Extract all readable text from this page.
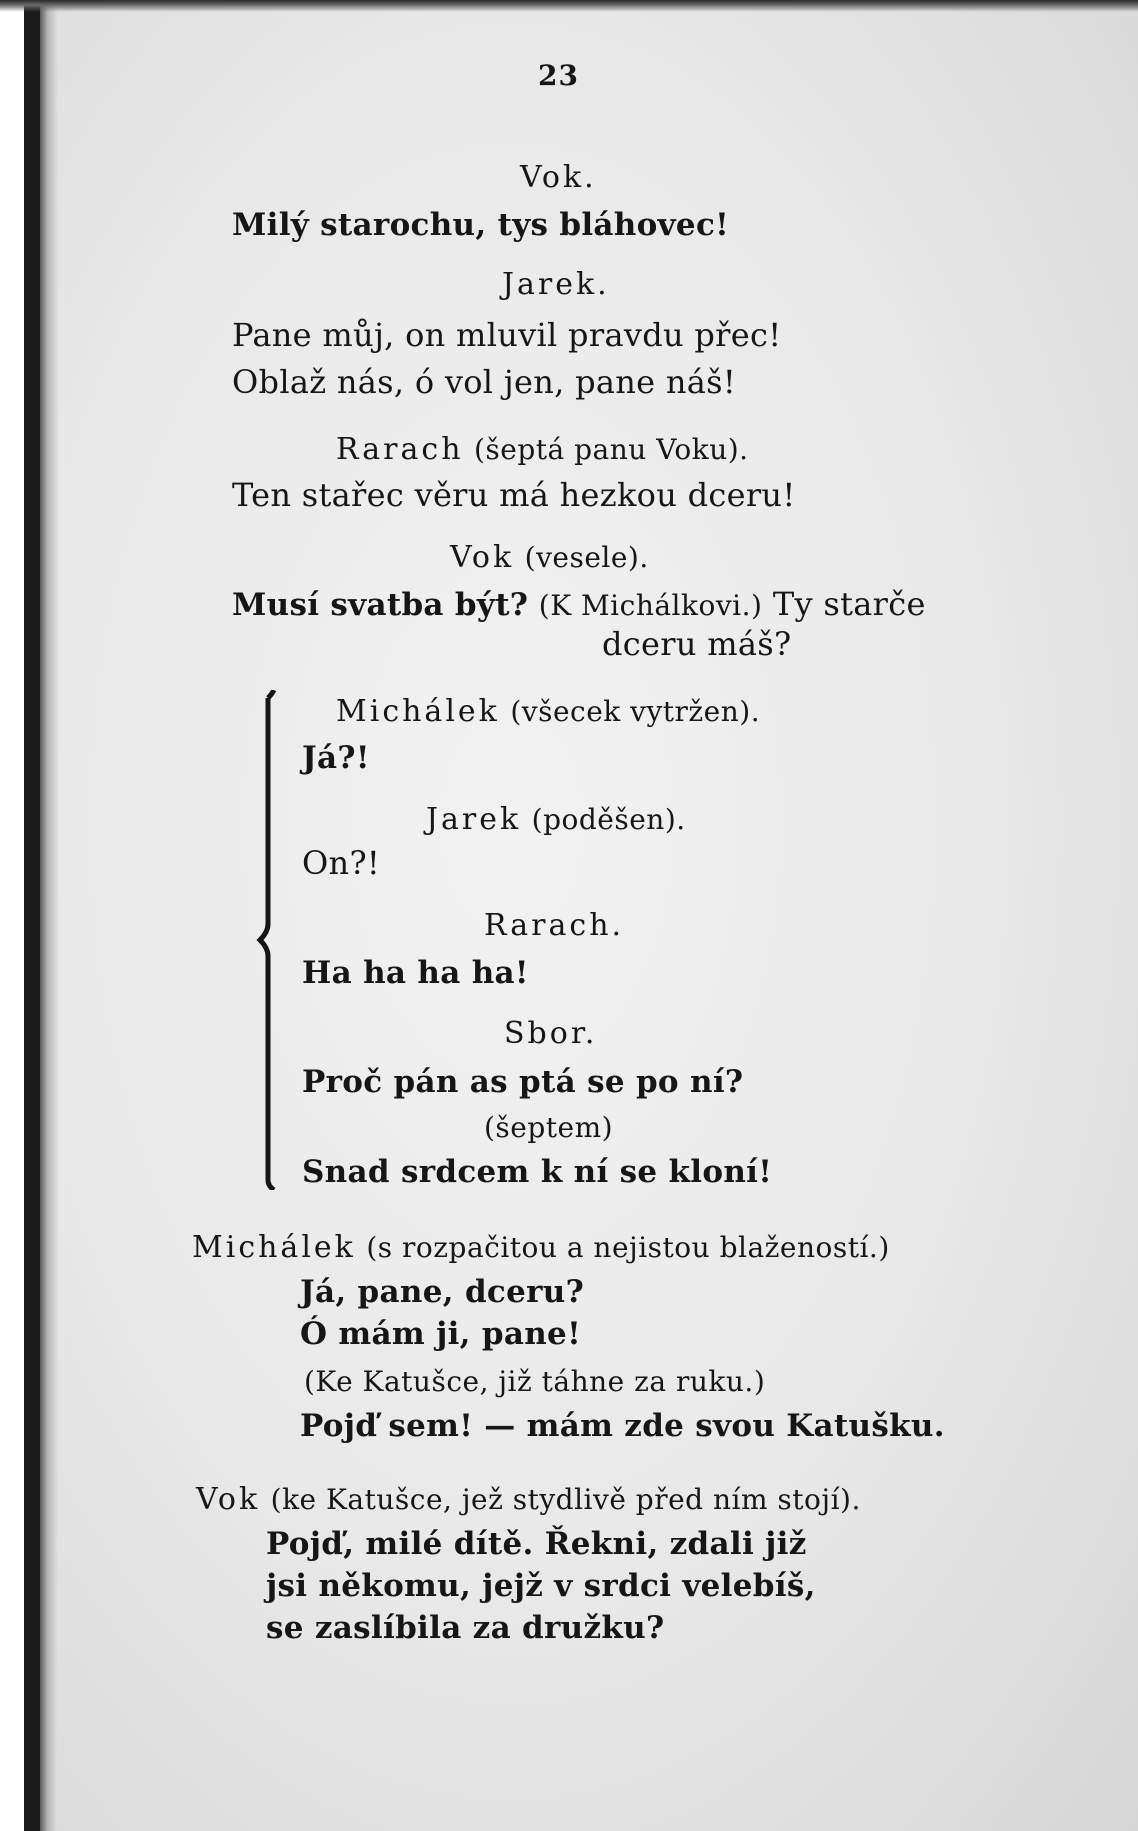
23
Vok.
Milý starochu, tys bláhovec!
Jarek.
Pane můj, on mluvil pravdu přec!
Oblaž nás, ó vol jen, pane náš!
Rarach (šeptá panu Voku).
Ten stařec věru má hezkou dceru!
Vok (vesele).
Musí svatba být? (K Michálkovi.) Ty starče
dceru máš?
Michálek (všecek vytržen).
Já?!
Jarek (poděšen).
On?!
Rarach.
Ha ha ha ha!
Sbor.
Proč pán as ptá se po ní?
(šeptem)
Snad srdcem k ní se kloní!
Michálek (s rozpačitou a nejistou blažeností.)
Já, pane, dceru?
Ó mám ji, pane!
(Ke Katušce, již táhne za ruku.)
Pojď sem! — mám zde svou Katušku.
Vok (ke Katušce, jež stydlivě před ním stojí).
Pojď, milé dítě. Řekni, zdali již
jsi někomu, jejž v srdci velebíš,
se zaslíbila za družku?
